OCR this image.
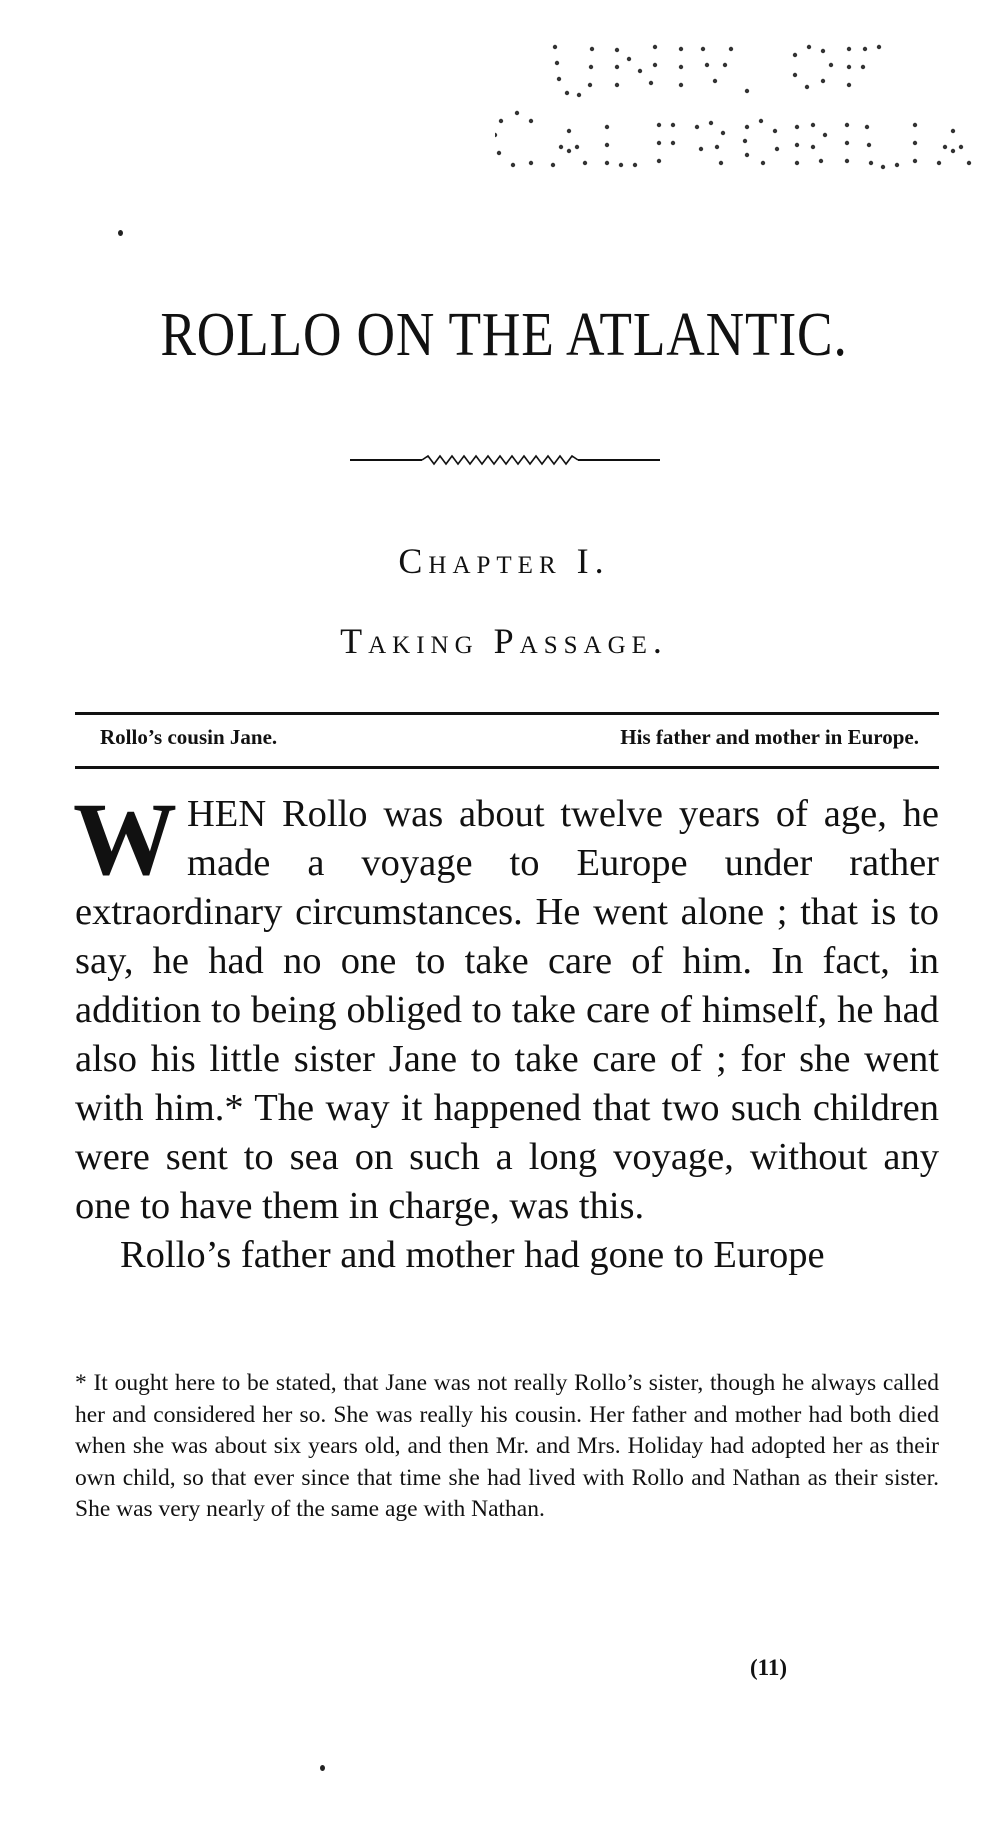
ROLLO ON THE ATLANTIC.
Chapter I.
Taking Passage.
Rollo’s cousin Jane.	His father and mother in Europe.

WHEN Rollo was about twelve years of age, he made a voyage to Europe under rather extraordinary circumstances. He went alone ; that is to say, he had no one to take care of him. In fact, in addition to being obliged to take care of himself, he had also his little sister Jane to take care of ; for she went with him.* The way it happened that two such children were sent to sea on such a long voyage, without any one to have them in charge, was this.

Rollo’s father and mother had gone to Europe

* It ought here to be stated, that Jane was not really Rollo’s sister, though he always called her and considered her so. She was really his cousin. Her father and mother had both died when she was about six years old, and then Mr. and Mrs. Holiday had adopted her as their own child, so that ever since that time she had lived with Rollo and Nathan as their sister. She was very nearly of the same age with Nathan.

(11)
